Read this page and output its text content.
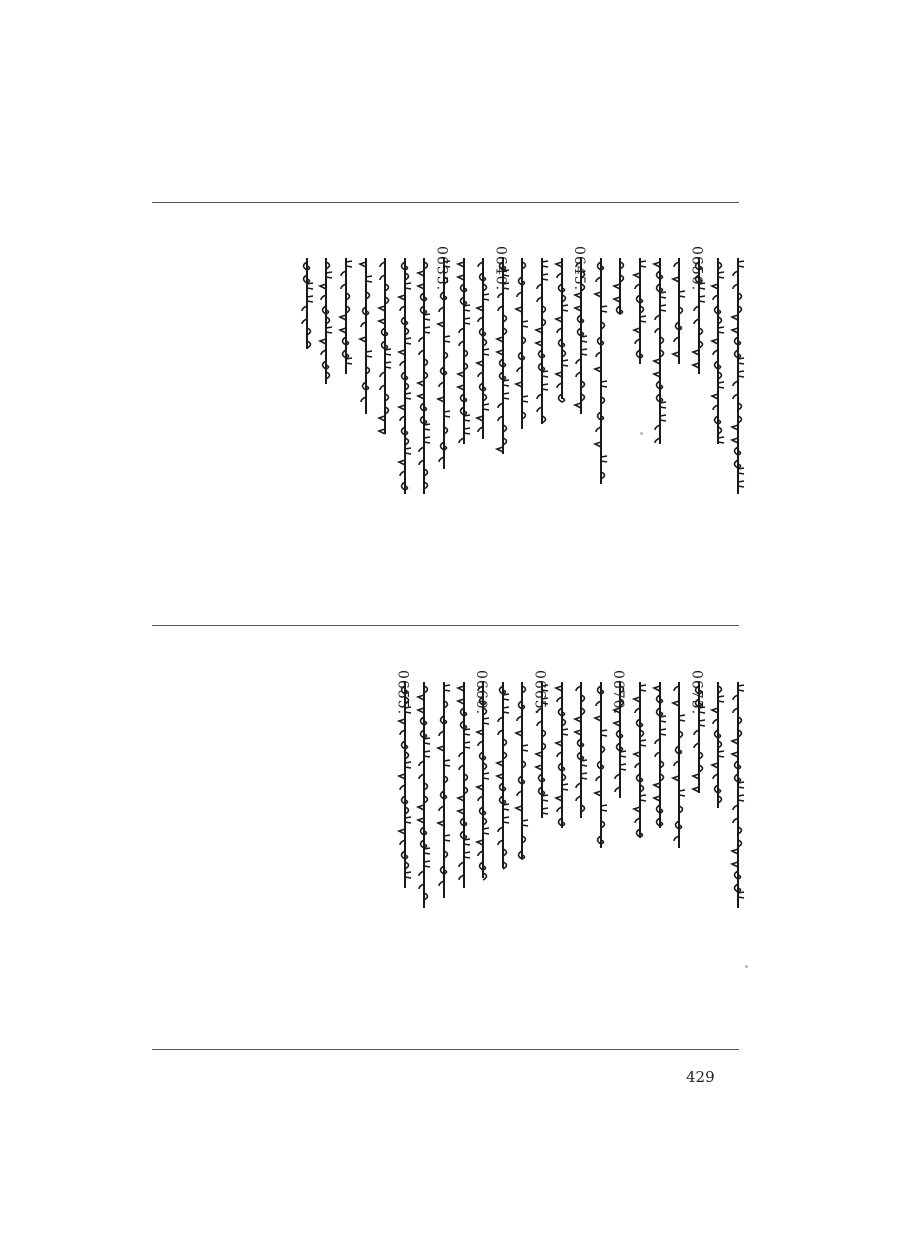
0650.
0645.
0640.
0635.
0675.
0670.
0665.
0660.
0655.
429
